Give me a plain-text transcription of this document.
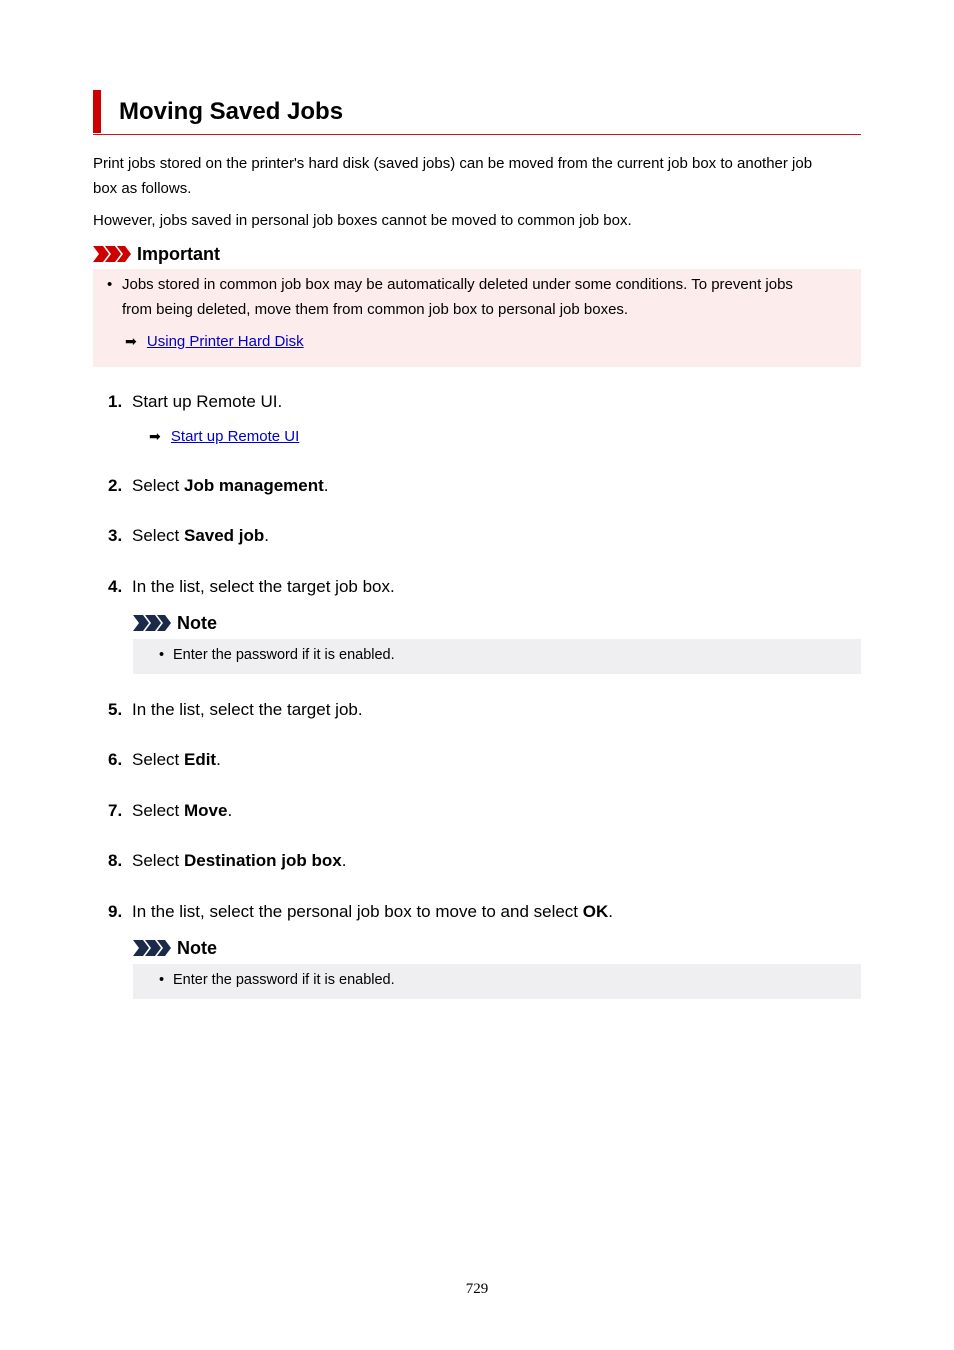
Moving Saved Jobs

Print jobs stored on the printer's hard disk (saved jobs) can be moved from the current job box to another job

box as follows.

However, jobs saved in personal job boxes cannot be moved to common job box.

Important
• Jobs stored in common job box may be automatically deleted under some conditions. To prevent jobs
from being deleted, move them from common job box to personal job boxes.
➡ Using Printer Hard Disk
1. Start up Remote UI.
➡ Start up Remote UI
2. Select Job management.
3. Select Saved job.
4. In the list, select the target job box.
Note
• Enter the password if it is enabled.
5. In the list, select the target job.
6. Select Edit.
7. Select Move.
8. Select Destination job box.
9. In the list, select the personal job box to move to and select OK.
Note
• Enter the password if it is enabled.
729
